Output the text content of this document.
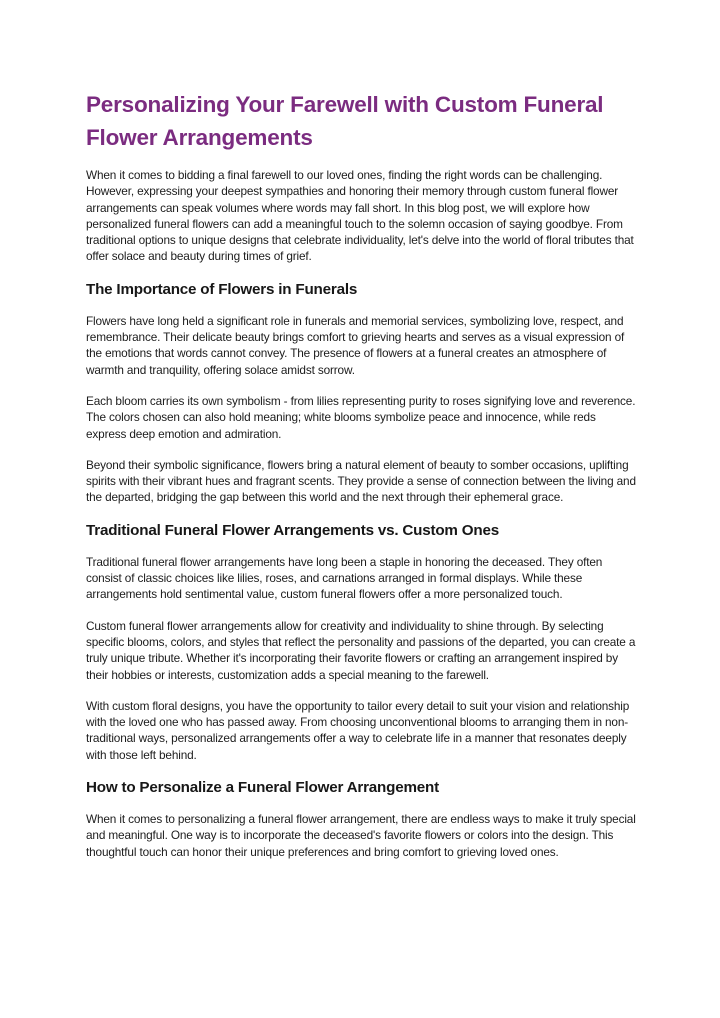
Personalizing Your Farewell with Custom Funeral Flower Arrangements

When it comes to bidding a final farewell to our loved ones, finding the right words can be challenging. However, expressing your deepest sympathies and honoring their memory through custom funeral flower arrangements can speak volumes where words may fall short. In this blog post, we will explore how personalized funeral flowers can add a meaningful touch to the solemn occasion of saying goodbye. From traditional options to unique designs that celebrate individuality, let's delve into the world of floral tributes that offer solace and beauty during times of grief.

The Importance of Flowers in Funerals

Flowers have long held a significant role in funerals and memorial services, symbolizing love, respect, and remembrance. Their delicate beauty brings comfort to grieving hearts and serves as a visual expression of the emotions that words cannot convey. The presence of flowers at a funeral creates an atmosphere of warmth and tranquility, offering solace amidst sorrow.

Each bloom carries its own symbolism - from lilies representing purity to roses signifying love and reverence. The colors chosen can also hold meaning; white blooms symbolize peace and innocence, while reds express deep emotion and admiration.

Beyond their symbolic significance, flowers bring a natural element of beauty to somber occasions, uplifting spirits with their vibrant hues and fragrant scents. They provide a sense of connection between the living and the departed, bridging the gap between this world and the next through their ephemeral grace.

Traditional Funeral Flower Arrangements vs. Custom Ones

Traditional funeral flower arrangements have long been a staple in honoring the deceased. They often consist of classic choices like lilies, roses, and carnations arranged in formal displays. While these arrangements hold sentimental value, custom funeral flowers offer a more personalized touch.

Custom funeral flower arrangements allow for creativity and individuality to shine through. By selecting specific blooms, colors, and styles that reflect the personality and passions of the departed, you can create a truly unique tribute. Whether it's incorporating their favorite flowers or crafting an arrangement inspired by their hobbies or interests, customization adds a special meaning to the farewell.

With custom floral designs, you have the opportunity to tailor every detail to suit your vision and relationship with the loved one who has passed away. From choosing unconventional blooms to arranging them in non-traditional ways, personalized arrangements offer a way to celebrate life in a manner that resonates deeply with those left behind.

How to Personalize a Funeral Flower Arrangement

When it comes to personalizing a funeral flower arrangement, there are endless ways to make it truly special and meaningful. One way is to incorporate the deceased's favorite flowers or colors into the design. This thoughtful touch can honor their unique preferences and bring comfort to grieving loved ones.
